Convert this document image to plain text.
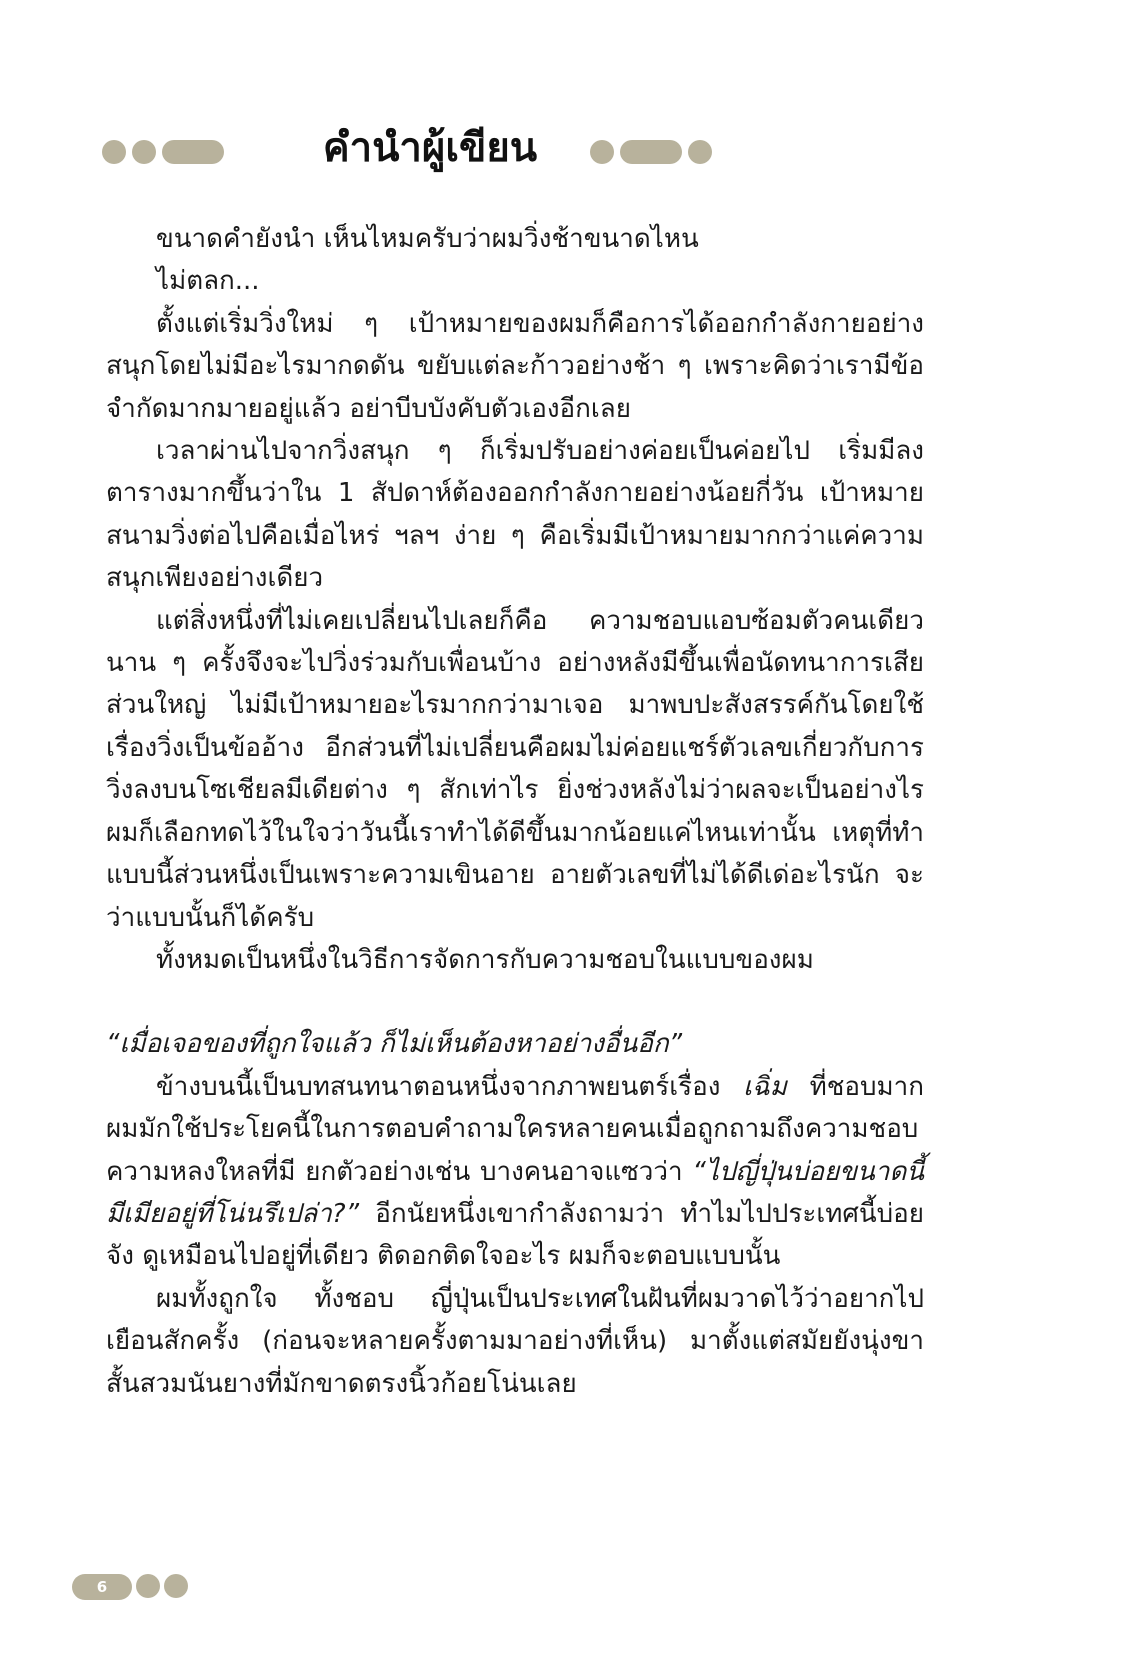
คำนำผู้เขียน

ขนาดคำยังนำ เห็นไหมครับว่าผมวิ่งช้าขนาดไหน

ไม่ตลก...

ตั้งแต่เริ่มวิ่งใหม่ ๆ เป้าหมายของผมก็คือการได้ออกกำลังกายอย่างสนุกโดยไม่มีอะไรมากดดัน ขยับแต่ละก้าวอย่างช้า ๆ เพราะคิดว่าเรามีข้อจำกัดมากมายอยู่แล้ว อย่าบีบบังคับตัวเองอีกเลย

เวลาผ่านไปจากวิ่งสนุก ๆ ก็เริ่มปรับอย่างค่อยเป็นค่อยไป เริ่มมีลงตารางมากขึ้นว่าใน 1 สัปดาห์ต้องออกกำลังกายอย่างน้อยกี่วัน เป้าหมายสนามวิ่งต่อไปคือเมื่อไหร่ ฯลฯ ง่าย ๆ คือเริ่มมีเป้าหมายมากกว่าแค่ความสนุกเพียงอย่างเดียว

แต่สิ่งหนึ่งที่ไม่เคยเปลี่ยนไปเลยก็คือ ความชอบแอบซ้อมตัวคนเดียว นาน ๆ ครั้งจึงจะไปวิ่งร่วมกับเพื่อนบ้าง อย่างหลังมีขึ้นเพื่อนัดทนาการเสียส่วนใหญ่ ไม่มีเป้าหมายอะไรมากกว่ามาเจอ มาพบปะสังสรรค์กันโดยใช้เรื่องวิ่งเป็นข้ออ้าง อีกส่วนที่ไม่เปลี่ยนคือผมไม่ค่อยแชร์ตัวเลขเกี่ยวกับการวิ่งลงบนโซเชียลมีเดียต่าง ๆ สักเท่าไร ยิ่งช่วงหลังไม่ว่าผลจะเป็นอย่างไร ผมก็เลือกทดไว้ในใจว่าวันนี้เราทำได้ดีขึ้นมากน้อยแค่ไหนเท่านั้น เหตุที่ทำแบบนี้ส่วนหนึ่งเป็นเพราะความเขินอาย อายตัวเลขที่ไม่ได้ดีเด่อะไรนัก จะว่าแบบนั้นก็ได้ครับ

ทั้งหมดเป็นหนึ่งในวิธีการจัดการกับความชอบในแบบของผม

“เมื่อเจอของที่ถูกใจแล้ว ก็ไม่เห็นต้องหาอย่างอื่นอีก”

ข้างบนนี้เป็นบทสนทนาตอนหนึ่งจากภาพยนตร์เรื่อง เฉิ่ม ที่ชอบมาก ผมมักใช้ประโยคนี้ในการตอบคำถามใครหลายคนเมื่อถูกถามถึงความชอบความหลงใหลที่มี ยกตัวอย่างเช่น บางคนอาจแซวว่า “ไปญี่ปุ่นบ่อยขนาดนี้ มีเมียอยู่ที่โน่นรึเปล่า?” อีกนัยหนึ่งเขากำลังถามว่า ทำไมไปประเทศนี้บ่อยจัง ดูเหมือนไปอยู่ที่เดียว ติดอกติดใจอะไร ผมก็จะตอบแบบนั้น

ผมทั้งถูกใจ ทั้งชอบ ญี่ปุ่นเป็นประเทศในฝันที่ผมวาดไว้ว่าอยากไปเยือนสักครั้ง (ก่อนจะหลายครั้งตามมาอย่างที่เห็น) มาตั้งแต่สมัยยังนุ่งขาสั้นสวมนันยางที่มักขาดตรงนิ้วก้อยโน่นเลย

6
